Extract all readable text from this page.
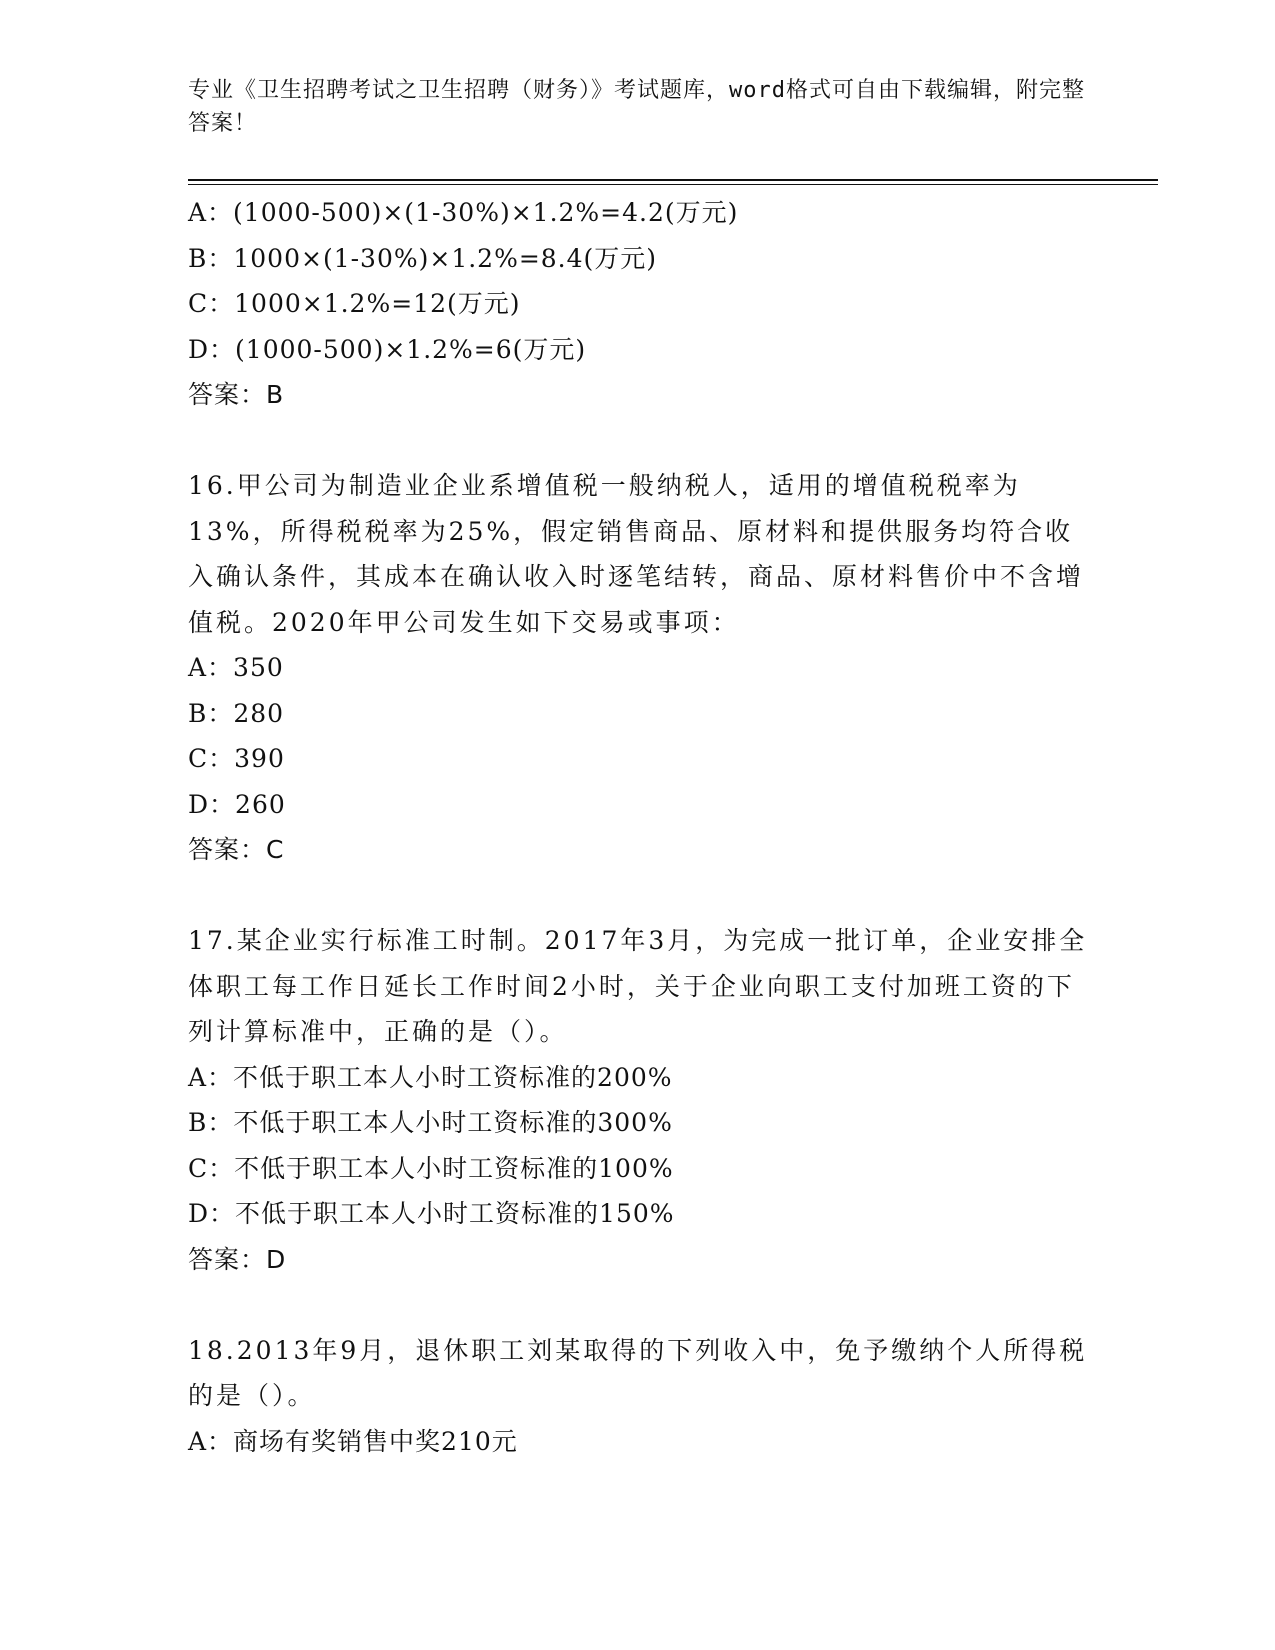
专业《卫生招聘考试之卫生招聘（财务）》考试题库，word格式可自由下载编辑，附完整答案！
A：(1000-500)×(1-30%)×1.2%=4.2(万元)
B：1000×(1-30%)×1.2%=8.4(万元)
C：1000×1.2%=12(万元)
D：(1000-500)×1.2%=6(万元)
答案：B
16.甲公司为制造业企业系增值税一般纳税人，适用的增值税税率为13%，所得税税率为25%，假定销售商品、原材料和提供服务均符合收入确认条件，其成本在确认收入时逐笔结转，商品、原材料售价中不含增值税。2020年甲公司发生如下交易或事项：
A：350
B：280
C：390
D：260
答案：C
17.某企业实行标准工时制。2017年3月，为完成一批订单，企业安排全体职工每工作日延长工作时间2小时，关于企业向职工支付加班工资的下列计算标准中，正确的是（）。
A：不低于职工本人小时工资标准的200%
B：不低于职工本人小时工资标准的300%
C：不低于职工本人小时工资标准的100%
D：不低于职工本人小时工资标准的150%
答案：D
18.2013年9月，退休职工刘某取得的下列收入中，免予缴纳个人所得税的是（）。
A：商场有奖销售中奖210元
